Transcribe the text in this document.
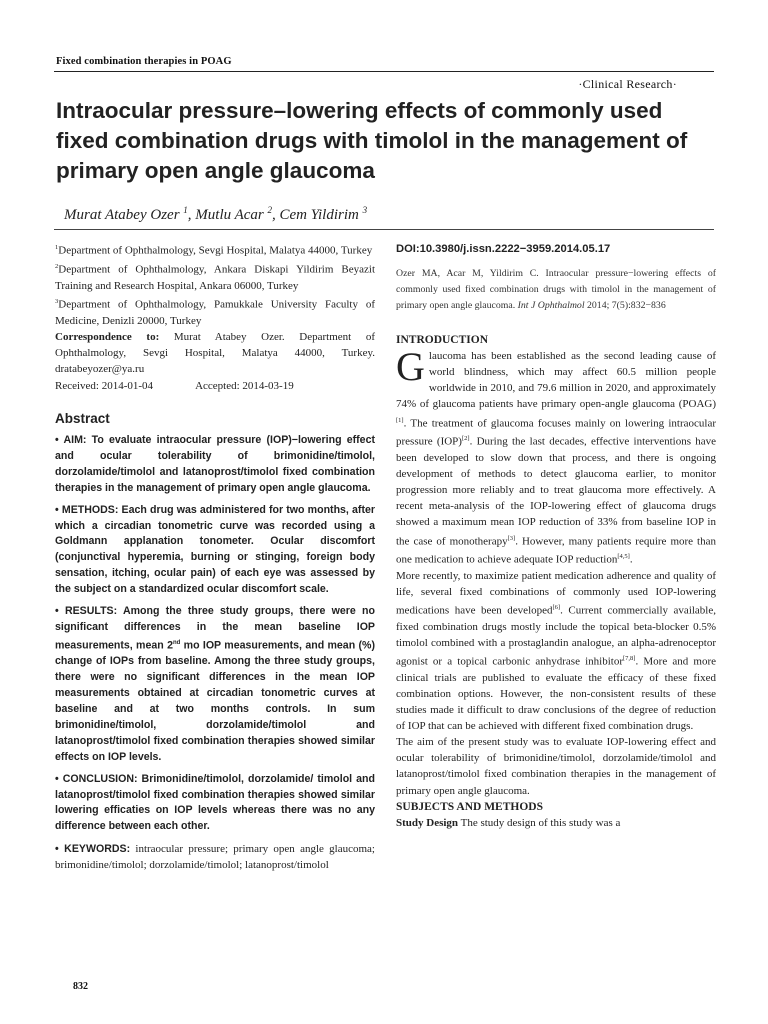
Fixed combination therapies in POAG
·Clinical Research·
Intraocular pressure–lowering effects of commonly used fixed combination drugs with timolol in the management of primary open angle glaucoma
Murat Atabey Ozer $^1$, Mutlu Acar $^2$, Cem Yildirim $^3$

$^1$Department of Ophthalmology, Sevgi Hospital, Malatya 44000, Turkey

$^2$Department of Ophthalmology, Ankara Diskapi Yildirim Beyazit Training and Research Hospital, Ankara 06000, Turkey

$^3$Department of Ophthalmology, Pamukkale University Faculty of Medicine, Denizli 20000, Turkey

Correspondence to: Murat Atabey Ozer. Department of Ophthalmology, Sevgi Hospital, Malatya 44000, Turkey. dratabeyozer@ya.ru

Received: 2014-01-04	Accepted: 2014-03-19

Abstract

• AIM: To evaluate intraocular pressure (IOP)−lowering effect and ocular tolerability of brimonidine/timolol, dorzolamide/timolol and latanoprost/timolol fixed combination therapies in the management of primary open angle glaucoma.

• METHODS: Each drug was administered for two months, after which a circadian tonometric curve was recorded using a Goldmann applanation tonometer. Ocular discomfort (conjunctival hyperemia, burning or stinging, foreign body sensation, itching, ocular pain) of each eye was assessed by the subject on a standardized ocular discomfort scale.

• RESULTS: Among the three study groups, there were no significant differences in the mean baseline IOP measurements, mean 2nd mo IOP measurements, and mean (%) change of IOPs from baseline. Among the three study groups, there were no significant differences in the mean IOP measurements obtained at circadian tonometric curves at baseline and at two months controls. In sum brimonidine/timolol, dorzolamide/timolol and latanoprost/timolol fixed combination therapies showed similar effects on IOP levels.

• CONCLUSION: Brimonidine/timolol, dorzolamide/ timolol and latanoprost/timolol fixed combination therapies showed similar lowering efficaties on IOP levels whereas there was no any difference between each other.

• KEYWORDS: intraocular pressure; primary open angle glaucoma; brimonidine/timolol; dorzolamide/timolol; latanoprost/timolol

DOI:10.3980/j.issn.2222−3959.2014.05.17

Ozer MA, Acar M, Yildirim C. Intraocular pressure−lowering effects of commonly used fixed combination drugs with timolol in the management of primary open angle glaucoma. Int J Ophthalmol 2014; 7(5):832−836

INTRODUCTION

Glaucoma has been established as the second leading cause of world blindness, which may affect 60.5 million people worldwide in 2010, and 79.6 million in 2020, and approximately 74% of glaucoma patients have primary open-angle glaucoma (POAG)[1]. The treatment of glaucoma focuses mainly on lowering intraocular pressure (IOP)[2]. During the last decades, effective interventions have been developed to slow down that process, and there is ongoing development of methods to detect glaucoma earlier, to monitor progression more reliably and to treat glaucoma more effectively. A recent meta-analysis of the IOP-lowering effect of glaucoma drugs showed a maximum mean IOP reduction of 33% from baseline IOP in the case of monotherapy[3]. However, many patients require more than one medication to achieve adequate IOP reduction[4,5].

More recently, to maximize patient medication adherence and quality of life, several fixed combinations of commonly used IOP-lowering medications have been developed[6]. Current commercially available, fixed combination drugs mostly include the topical beta-blocker 0.5% timolol combined with a prostaglandin analogue, an alpha-adrenoceptor agonist or a topical carbonic anhydrase inhibitor[7,8]. More and more clinical trials are published to evaluate the efficacy of these fixed combination options. However, the non-consistent results of these studies made it difficult to draw conclusions of the degree of reduction of IOP that can be achieved with different fixed combination drugs.

The aim of the present study was to evaluate IOP-lowering effect and ocular tolerability of brimonidine/timolol, dorzolamide/timolol and latanoprost/timolol fixed combination therapies in the management of primary open angle glaucoma.

SUBJECTS AND METHODS

Study Design The study design of this study was a

832
